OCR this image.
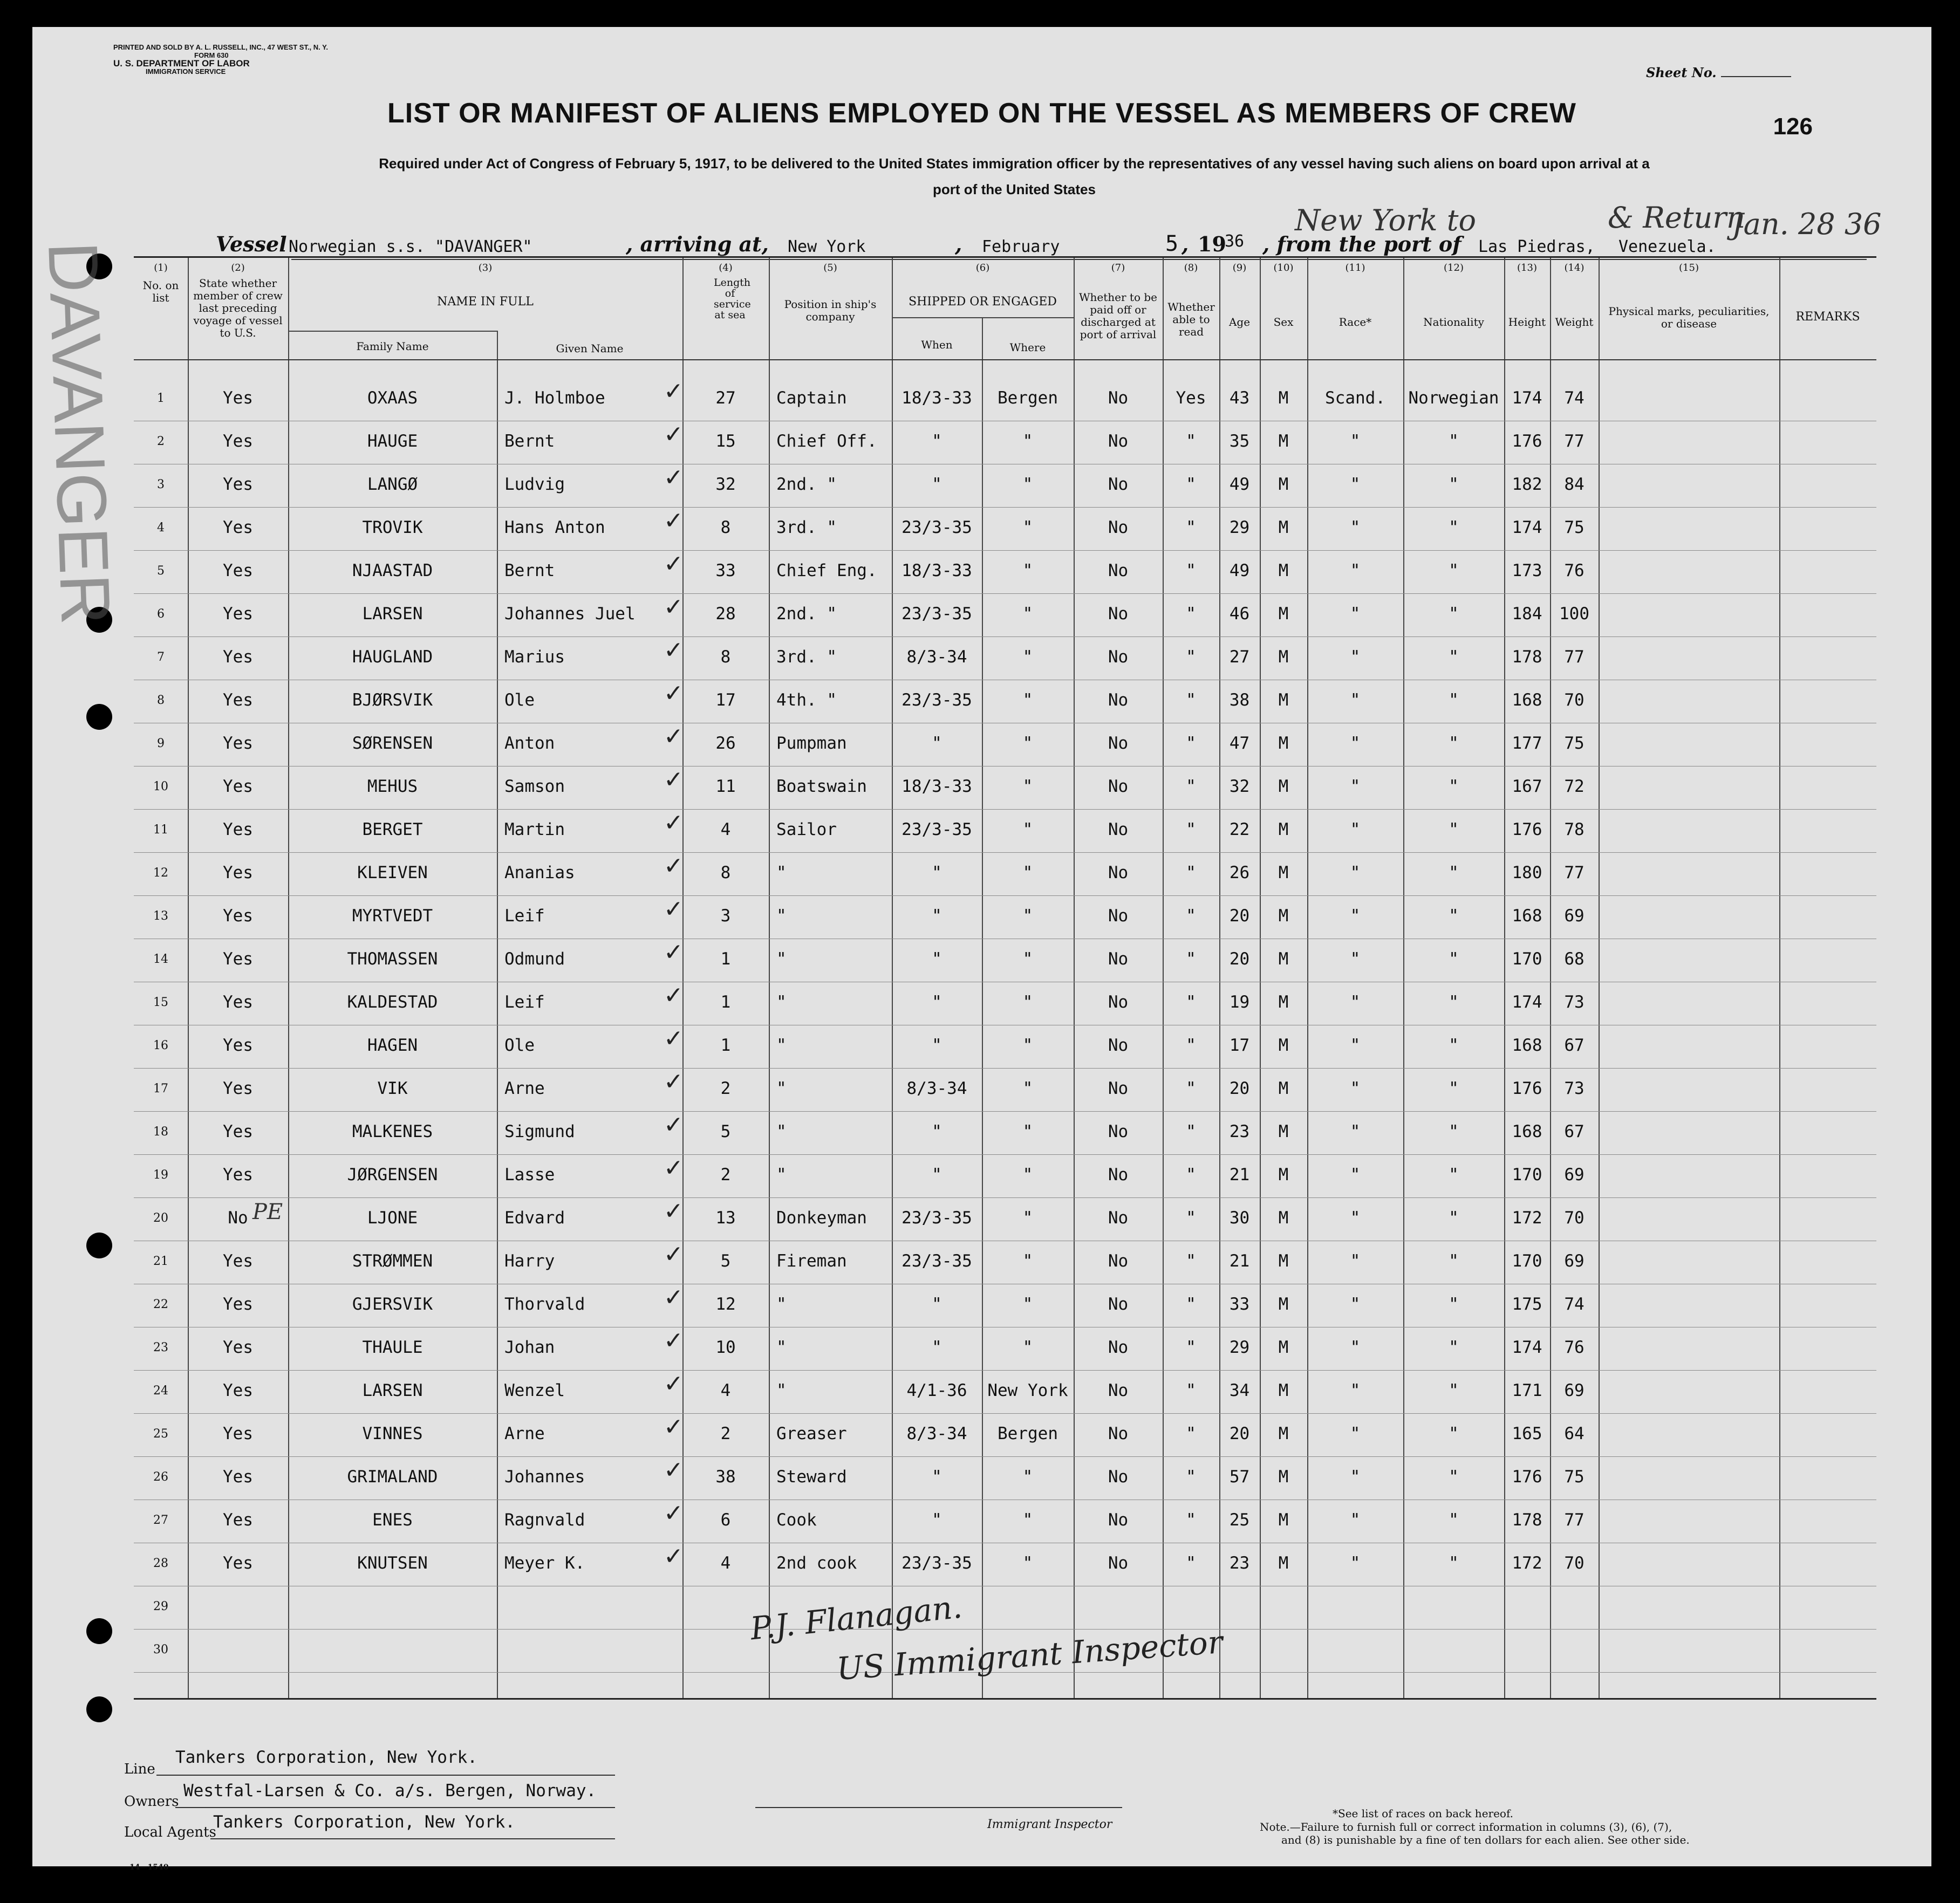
DAVANGER
PRINTED AND SOLD BY A. L. RUSSELL, INC., 47 WEST ST., N. Y.
FORM 630
U. S. DEPARTMENT OF LABOR
IMMIGRATION SERVICE	Sheet No.
126
LIST OR MANIFEST OF ALIENS EMPLOYED ON THE VESSEL AS MEMBERS OF CREW
Required under Act of Congress of February 5, 1917, to be delivered to the United States immigration officer by the representatives of any vessel having such aliens on board upon arrival at a
port of the United States
Vessel Norwegian s.s. "DAVANGER"	, arriving at, New York	, February	5 , 19
36 , from the port of Las Piedras, Venezuela.
New York to	& Return
Jan. 28 36
(1)
No. on list
(2)
State whether member of crew last preceding voyage of vessel to U.S.
(3)
NAME IN FULL
Family Name	Given Name
(4)
Length of service at sea
(5)
Position in ship's company
(6)
SHIPPED OR ENGAGED
When	Where
(7)
Whether to be paid off or discharged at port of arrival
(8)
Whether able to read
(9)
Age
(10)
Sex
(11)
Race*
(12)
Nationality
(13)
Height
(14)
Weight
(15)
Physical marks, peculiarities, or disease	REMARKS
1	Yes	OXAAS	J. Holmboe	27	Captain	18/3-33	Bergen	No	Yes	43	M	Scand.	Norwegian 174	74
✓
2	Yes	HAUGE	Bernt	15	Chief Off.	"	"	No	"	35	M	"	"	176	77
✓
3	Yes	LANGØ	Ludvig	32	2nd. "	"	"	No	"	49	M	"	"	182	84
✓
4	Yes	TROVIK	Hans Anton	8	3rd. "	23/3-35	"	No	"	29	M	"	"	174	75
✓
5	Yes	NJAASTAD	Bernt	33	Chief Eng.	18/3-33	"	No	"	49	M	"	"	173	76
✓
6	Yes	LARSEN	Johannes Juel	28	2nd. "	23/3-35	"	No	"	46	M	"	"	184	100
✓
7	Yes	HAUGLAND	Marius	8	3rd. "	8/3-34	"	No	"	27	M	"	"	178	77
✓
8	Yes	BJØRSVIK	Ole	17	4th. "	23/3-35	"	No	"	38	M	"	"	168	70
✓
9	Yes	SØRENSEN	Anton	26	Pumpman	"	"	No	"	47	M	"	"	177	75
✓
10	Yes	MEHUS	Samson	11	Boatswain	18/3-33	"	No	"	32	M	"	"	167	72
✓
11	Yes	BERGET	Martin	4	Sailor	23/3-35	"	No	"	22	M	"	"	176	78
✓
12	Yes	KLEIVEN	Ananias	8	"	"	"	No	"	26	M	"	"	180	77
✓
13	Yes	MYRTVEDT	Leif	3	"	"	"	No	"	20	M	"	"	168	69
✓
14	Yes	THOMASSEN	Odmund	1	"	"	"	No	"	20	M	"	"	170	68
✓
15	Yes	KALDESTAD	Leif	1	"	"	"	No	"	19	M	"	"	174	73
✓
16	Yes	HAGEN	Ole	1	"	"	"	No	"	17	M	"	"	168	67
✓
17	Yes	VIK	Arne	2	"	8/3-34	"	No	"	20	M	"	"	176	73
✓
18	Yes	MALKENES	Sigmund	5	"	"	"	No	"	23	M	"	"	168	67
✓
19	Yes	JØRGENSEN	Lasse	2	"	"	"	No	"	21	M	"	"	170	69
✓
20	No	LJONE	Edvard	13	Donkeyman	23/3-35	"	No	"	30	M	"	"	172	70
PE	✓
21	Yes	STRØMMEN	Harry	5	Fireman	23/3-35	"	No	"	21	M	"	"	170	69
✓
22	Yes	GJERSVIK	Thorvald	12	"	"	"	No	"	33	M	"	"	175	74
✓
23	Yes	THAULE	Johan	10	"	"	"	No	"	29	M	"	"	174	76
✓
24	Yes	LARSEN	Wenzel	4	"	4/1-36	New York	No	"	34	M	"	"	171	69
✓
25	Yes	VINNES	Arne	2	Greaser	8/3-34	Bergen	No	"	20	M	"	"	165	64
✓
26	Yes	GRIMALAND	Johannes	38	Steward	"	"	No	"	57	M	"	"	176	75
✓
27	Yes	ENES	Ragnvald	6	Cook	"	"	No	"	25	M	"	"	178	77
✓
28	Yes	KNUTSEN	Meyer K.	4	2nd cook	23/3-35	"	No	"	23	M	"	"	172	70
✓
29
30
P.J. Flanagan.
US Immigrant Inspector
Line
Tankers Corporation, New York.
Owners
Westfal-Larsen & Co. a/s. Bergen, Norway.
Local Agents
Tankers Corporation, New York.	Immigrant Inspector
*See list of races on back hereof.
Note.—Failure to furnish full or correct information in columns (3), (6), (7),
and (8) is punishable by a fine of ten dollars for each alien. See other side.
14—1540
